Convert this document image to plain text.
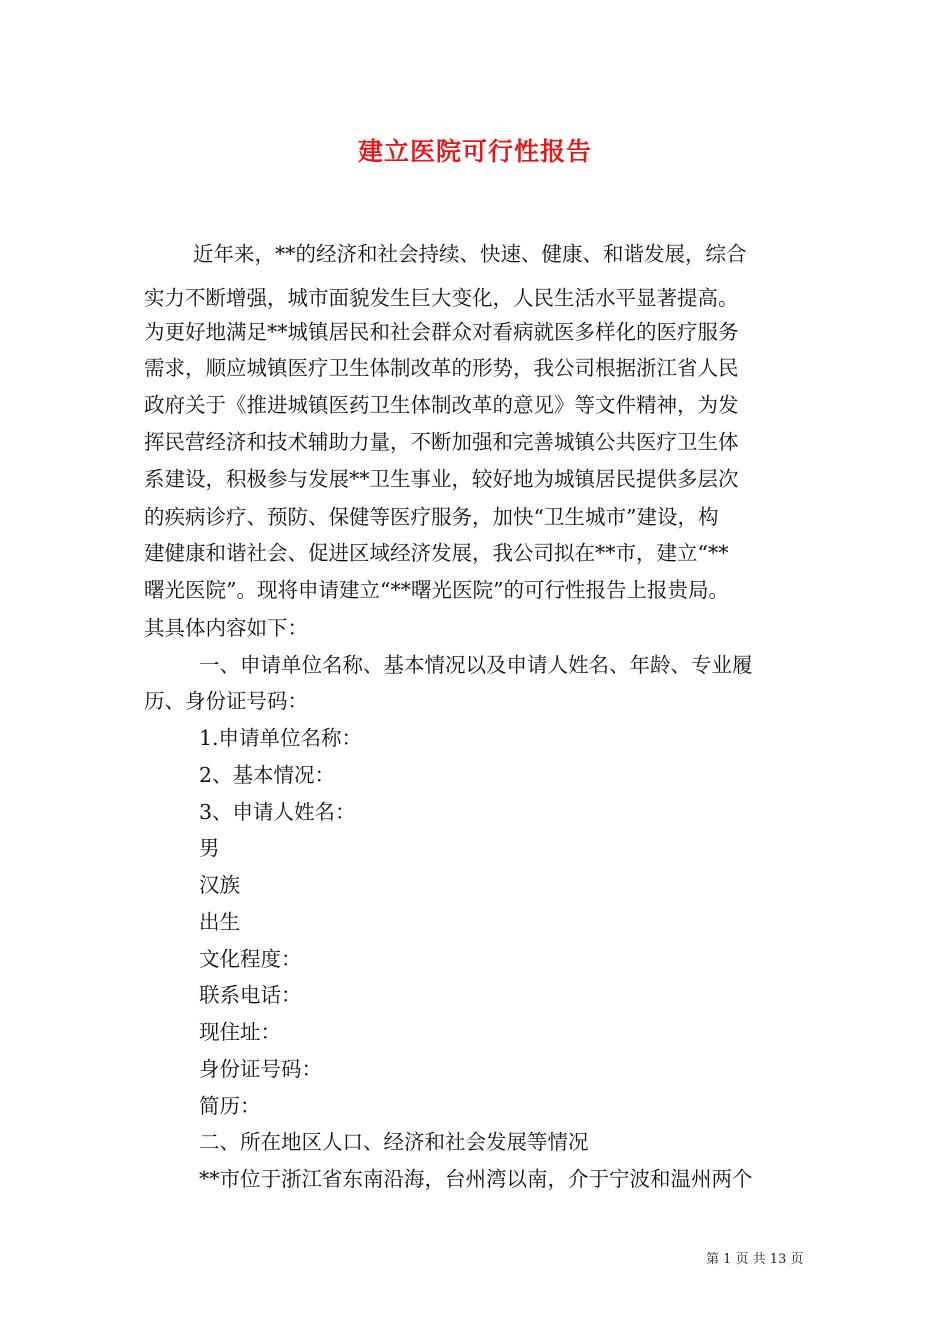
建立医院可行性报告
近年来，**的经济和社会持续、快速、健康、和谐发展，综合
实力不断增强，城市面貌发生巨大变化，人民生活水平显著提高。
为更好地满足**城镇居民和社会群众对看病就医多样化的医疗服务
需求，顺应城镇医疗卫生体制改革的形势，我公司根据浙江省人民
政府关于《推进城镇医药卫生体制改革的意见》等文件精神，为发
挥民营经济和技术辅助力量，不断加强和完善城镇公共医疗卫生体
系建设，积极参与发展**卫生事业，较好地为城镇居民提供多层次
的疾病诊疗、预防、保健等医疗服务，加快“卫生城市”建设，构
建健康和谐社会、促进区域经济发展，我公司拟在**市，建立“**
曙光医院”。现将申请建立“**曙光医院”的可行性报告上报贵局。
其具体内容如下：
一、申请单位名称、基本情况以及申请人姓名、年龄、专业履
历、身份证号码：
1.申请单位名称：
2、基本情况：
3、申请人姓名：
男
汉族
出生
文化程度：
联系电话：
现住址：
身份证号码：
简历：
二、所在地区人口、经济和社会发展等情况
**市位于浙江省东南沿海，台州湾以南，介于宁波和温州两个
第 1 页 共 13 页
